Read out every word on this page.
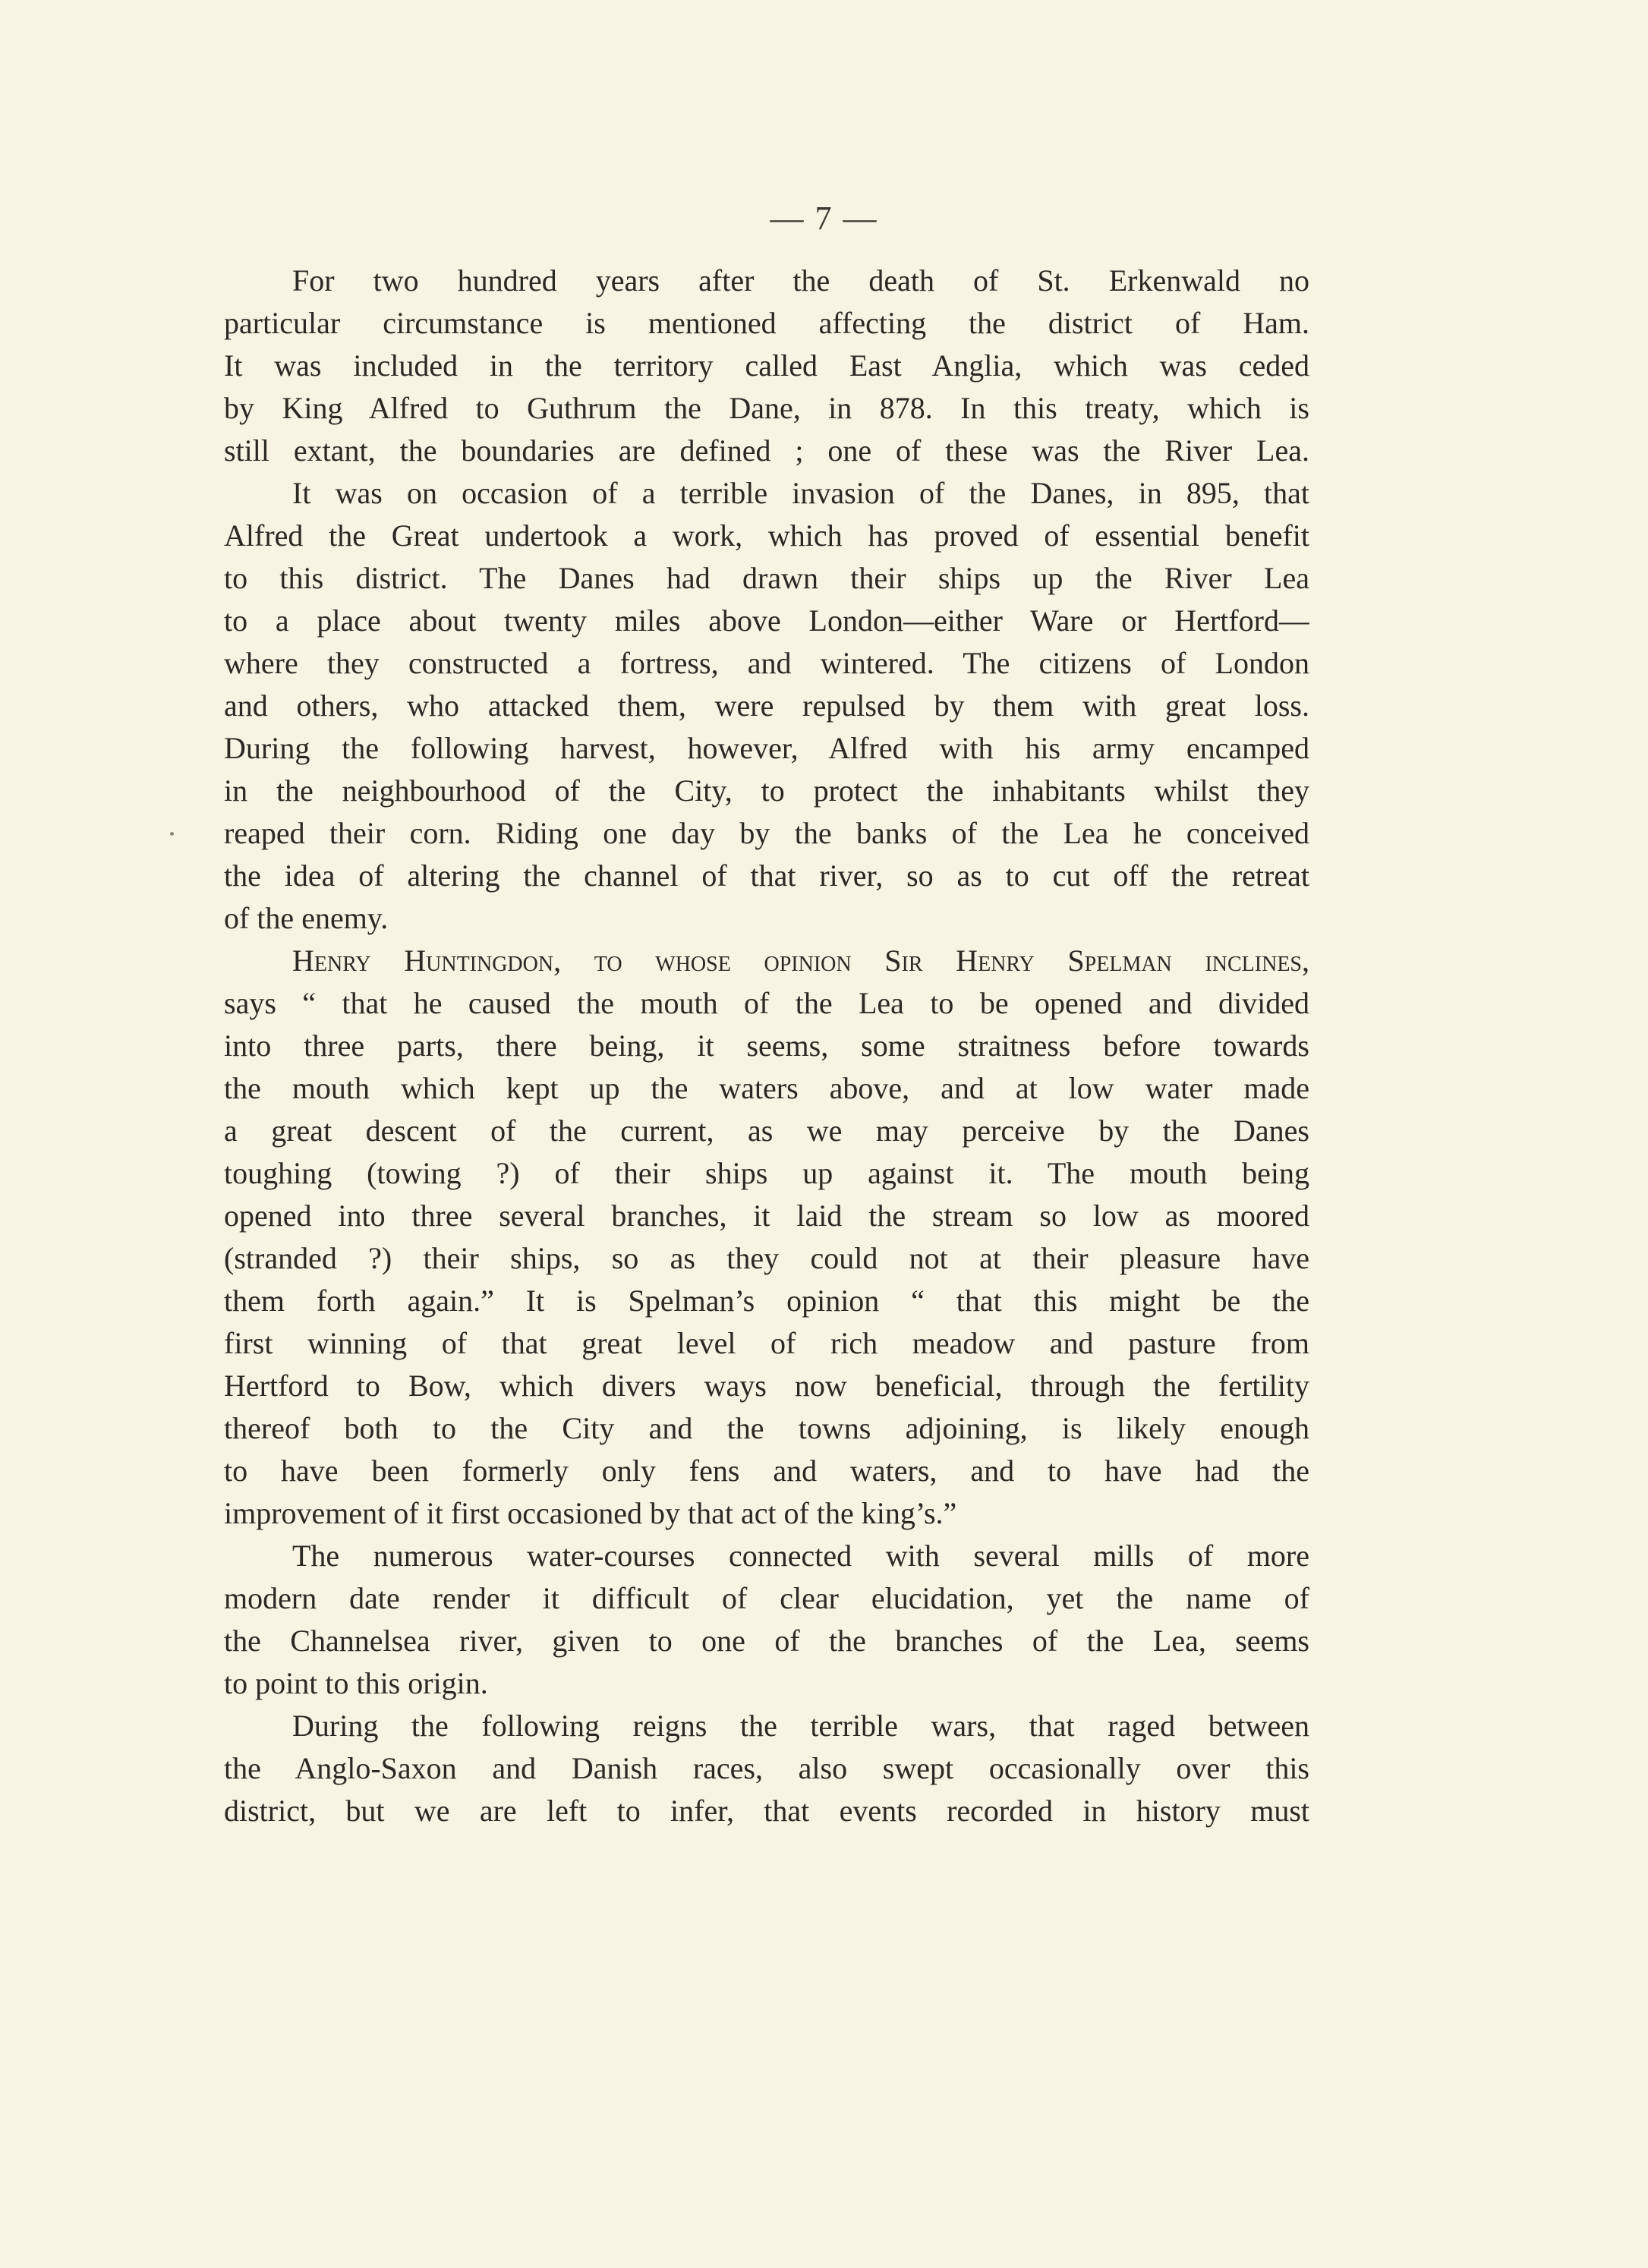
— 7 —
For two hundred years after the death of St. Erkenwald no
particular circumstance is mentioned affecting the district of Ham.
It was included in the territory called East Anglia, which was ceded
by King Alfred to Guthrum the Dane, in 878. In this treaty, which is
still extant, the boundaries are defined ; one of these was the River Lea.
It was on occasion of a terrible invasion of the Danes, in 895, that
Alfred the Great undertook a work, which has proved of essential benefit
to this district. The Danes had drawn their ships up the River Lea
to a place about twenty miles above London—either Ware or Hertford—
where they constructed a fortress, and wintered. The citizens of London
and others, who attacked them, were repulsed by them with great loss.
During the following harvest, however, Alfred with his army encamped
in the neighbourhood of the City, to protect the inhabitants whilst they
reaped their corn. Riding one day by the banks of the Lea he conceived
the idea of altering the channel of that river, so as to cut off the retreat
of the enemy.
Henry Huntingdon, to whose opinion Sir Henry Spelman inclines,
says “ that he caused the mouth of the Lea to be opened and divided
into three parts, there being, it seems, some straitness before towards
the mouth which kept up the waters above, and at low water made
a great descent of the current, as we may perceive by the Danes
toughing (towing ?) of their ships up against it. The mouth being
opened into three several branches, it laid the stream so low as moored
(stranded ?) their ships, so as they could not at their pleasure have
them forth again.” It is Spelman’s opinion “ that this might be the
first winning of that great level of rich meadow and pasture from
Hertford to Bow, which divers ways now beneficial, through the fertility
thereof both to the City and the towns adjoining, is likely enough
to have been formerly only fens and waters, and to have had the
improvement of it first occasioned by that act of the king’s.”
The numerous water-courses connected with several mills of more
modern date render it difficult of clear elucidation, yet the name of
the Channelsea river, given to one of the branches of the Lea, seems
to point to this origin.
During the following reigns the terrible wars, that raged between
the Anglo-Saxon and Danish races, also swept occasionally over this
district, but we are left to infer, that events recorded in history must
